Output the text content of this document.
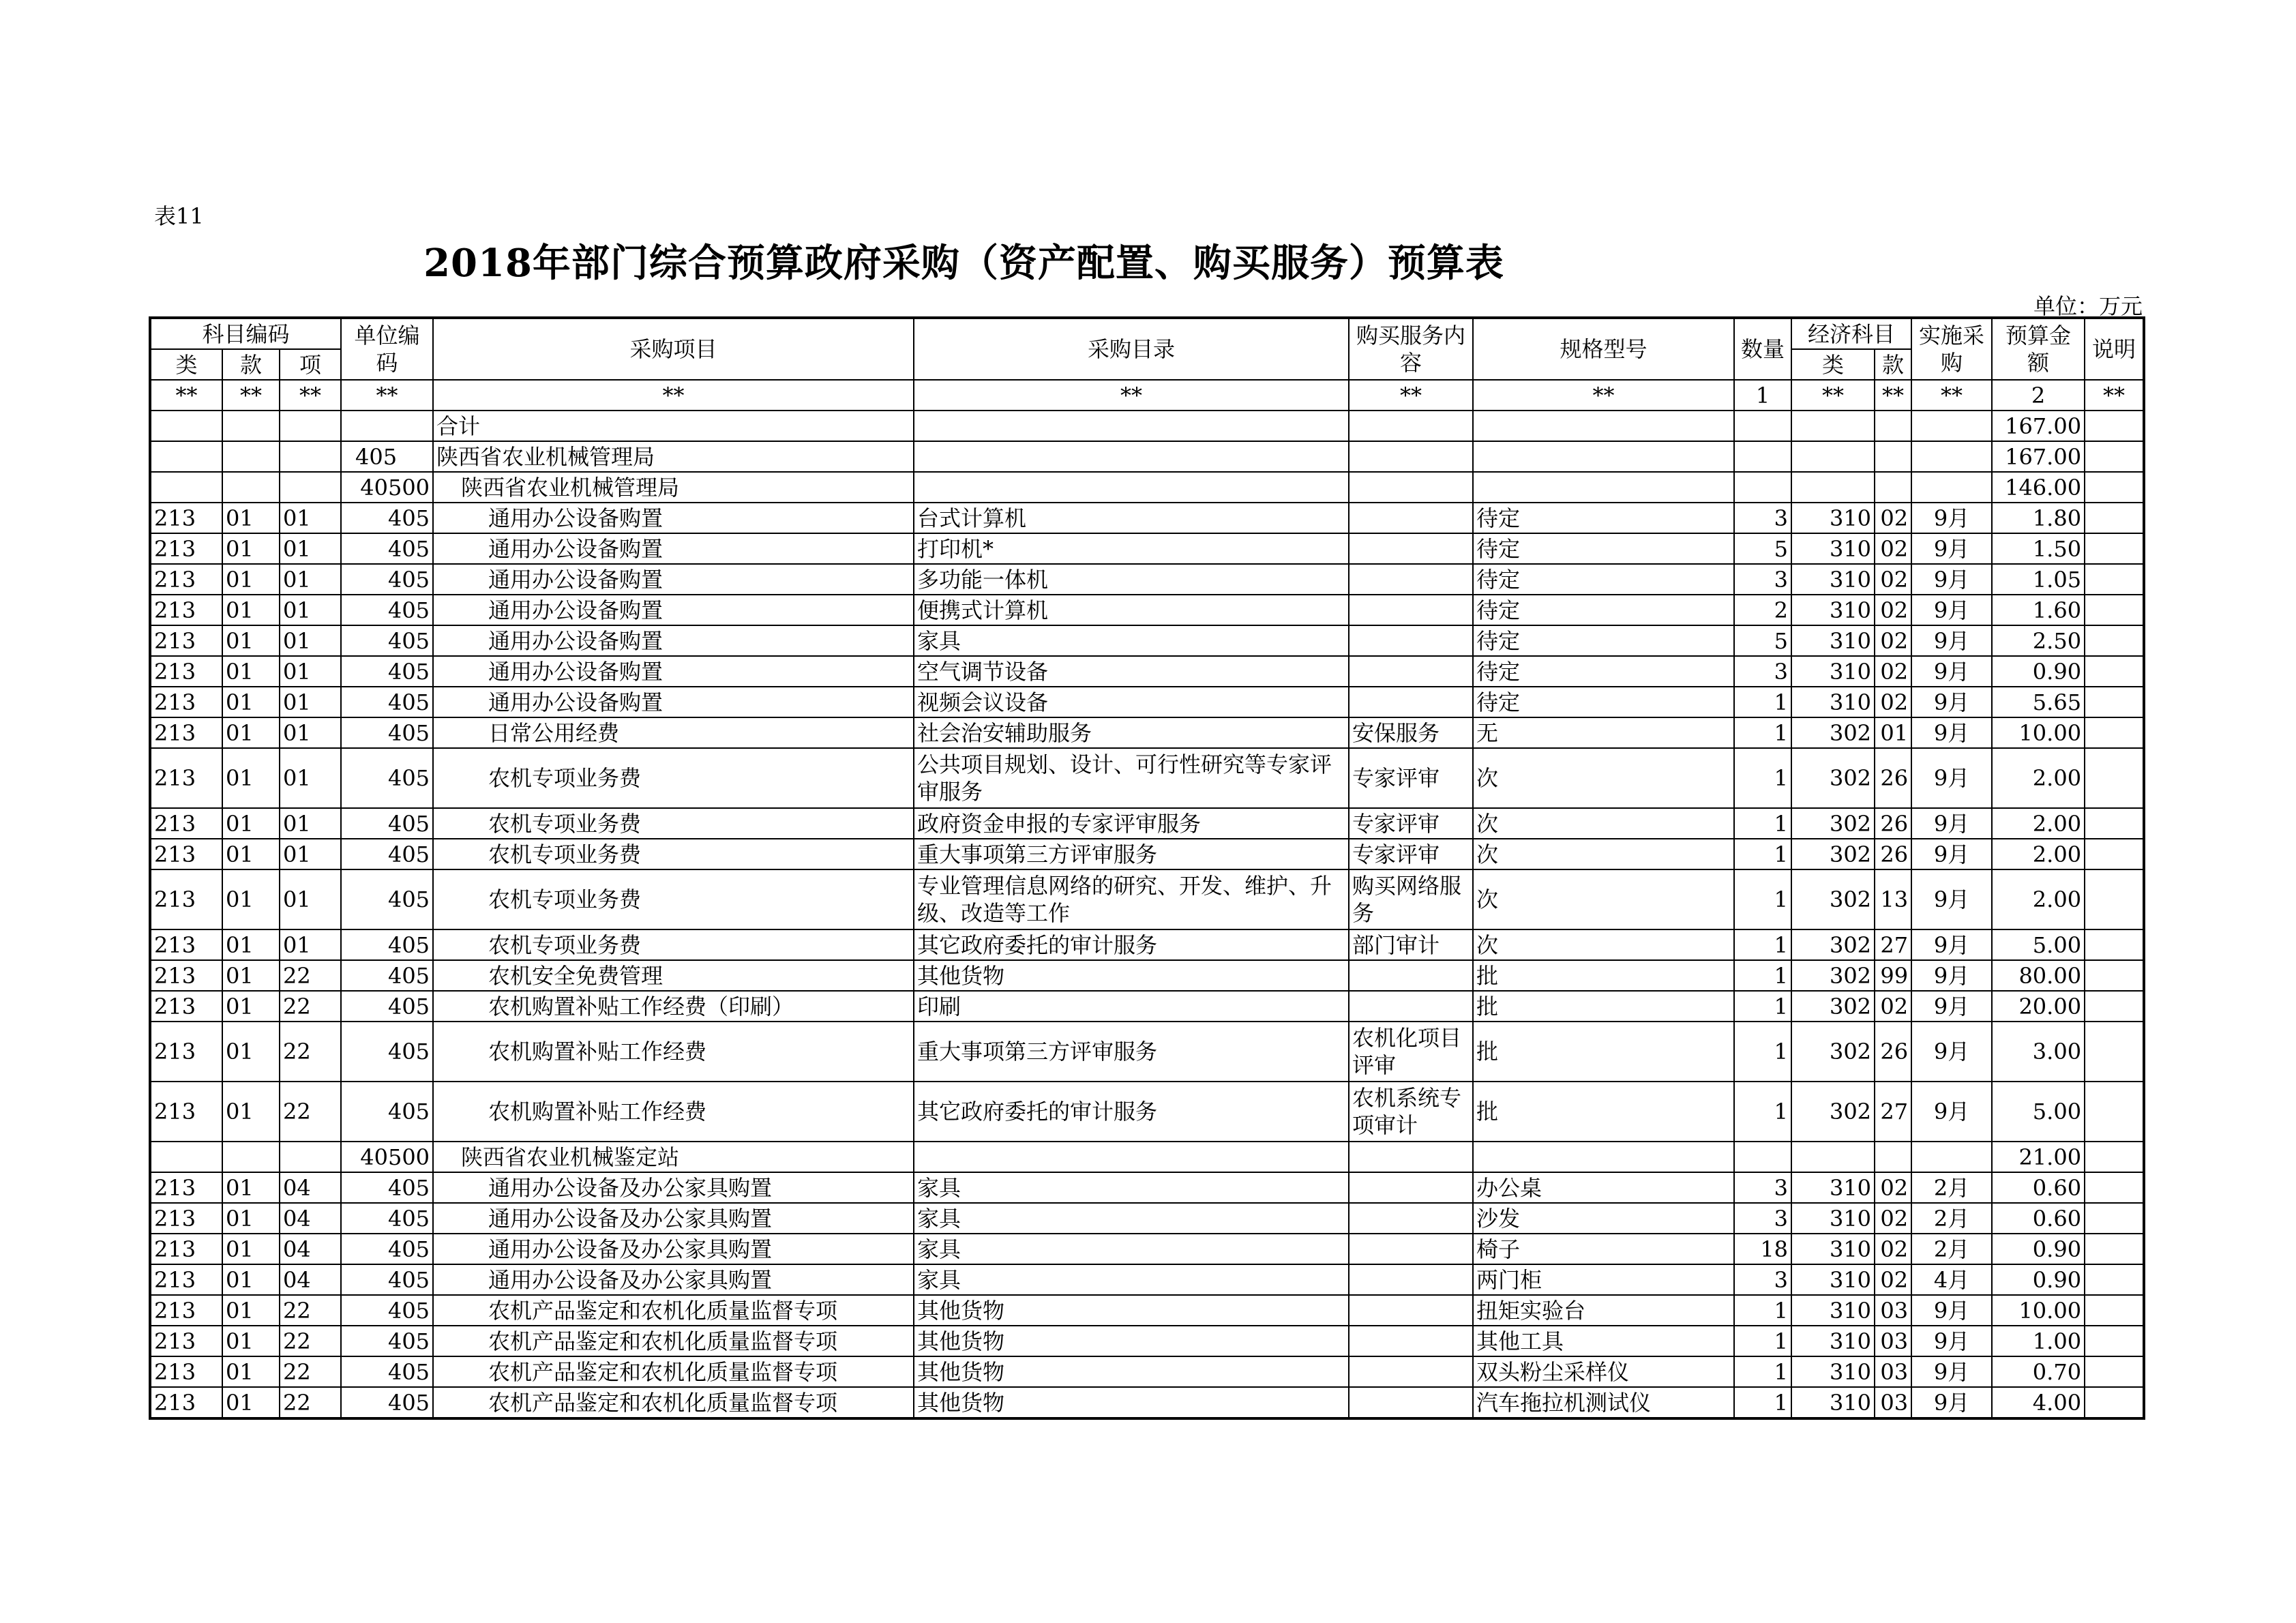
表11
2018年部门综合预算政府采购（资产配置、购买服务）预算表
单位：万元
科目编码			单位编码	采购项目	采购目录	购买服务内容	规格型号	数量	经济科目		实施采购	预算金额	说明
类	款	项							类	款			
**	**	**	**	**	**	**	**	1	**	**	**	2	**
				合计								167.00	
			405	陕西省农业机械管理局								167.00	
			40500	陕西省农业机械管理局								146.00	
213	01	01	405	通用办公设备购置	台式计算机		待定	3	310	02	9月	1.80	
213	01	01	405	通用办公设备购置	打印机*		待定	5	310	02	9月	1.50	
213	01	01	405	通用办公设备购置	多功能一体机		待定	3	310	02	9月	1.05	
213	01	01	405	通用办公设备购置	便携式计算机		待定	2	310	02	9月	1.60	
213	01	01	405	通用办公设备购置	家具		待定	5	310	02	9月	2.50	
213	01	01	405	通用办公设备购置	空气调节设备		待定	3	310	02	9月	0.90	
213	01	01	405	通用办公设备购置	视频会议设备		待定	1	310	02	9月	5.65	
213	01	01	405	日常公用经费	社会治安辅助服务	安保服务	无	1	302	01	9月	10.00	
213	01	01	405	农机专项业务费	公共项目规划、设计、可行性研究等专家评审服务	专家评审	次	1	302	26	9月	2.00	
213	01	01	405	农机专项业务费	政府资金申报的专家评审服务	专家评审	次	1	302	26	9月	2.00	
213	01	01	405	农机专项业务费	重大事项第三方评审服务	专家评审	次	1	302	26	9月	2.00	
213	01	01	405	农机专项业务费	专业管理信息网络的研究、开发、维护、升级、改造等工作	购买网络服务	次	1	302	13	9月	2.00	
213	01	01	405	农机专项业务费	其它政府委托的审计服务	部门审计	次	1	302	27	9月	5.00	
213	01	22	405	农机安全免费管理	其他货物		批	1	302	99	9月	80.00	
213	01	22	405	农机购置补贴工作经费（印刷）	印刷		批	1	302	02	9月	20.00	
213	01	22	405	农机购置补贴工作经费	重大事项第三方评审服务	农机化项目评审	批	1	302	26	9月	3.00	
213	01	22	405	农机购置补贴工作经费	其它政府委托的审计服务	农机系统专项审计	批	1	302	27	9月	5.00	
			40500	陕西省农业机械鉴定站								21.00	
213	01	04	405	通用办公设备及办公家具购置	家具		办公桌	3	310	02	2月	0.60	
213	01	04	405	通用办公设备及办公家具购置	家具		沙发	3	310	02	2月	0.60	
213	01	04	405	通用办公设备及办公家具购置	家具		椅子	18	310	02	2月	0.90	
213	01	04	405	通用办公设备及办公家具购置	家具		两门柜	3	310	02	4月	0.90	
213	01	22	405	农机产品鉴定和农机化质量监督专项	其他货物		扭矩实验台	1	310	03	9月	10.00	
213	01	22	405	农机产品鉴定和农机化质量监督专项	其他货物		其他工具	1	310	03	9月	1.00	
213	01	22	405	农机产品鉴定和农机化质量监督专项	其他货物		双头粉尘采样仪	1	310	03	9月	0.70	
213	01	22	405	农机产品鉴定和农机化质量监督专项	其他货物		汽车拖拉机测试仪	1	310	03	9月	4.00	
